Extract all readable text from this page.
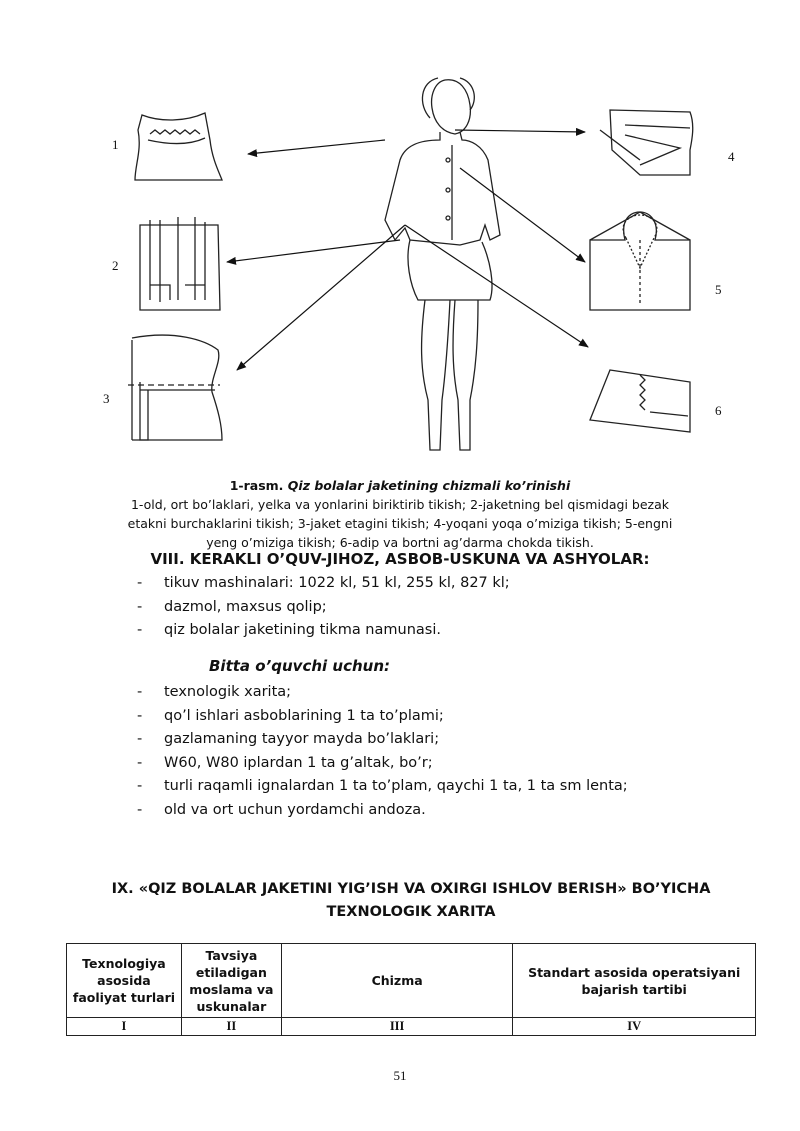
1
2
3
4
5
6
1-rasm. Qiz bolalar jaketining chizmali ko’rinishi
1-old, ort bo’laklari, yelka va yonlarini biriktirib tikish; 2-jaketning bel qismidagi bezak etakni burchaklarini tikish; 3-jaket etagini tikish; 4-yoqani yoqa o’miziga tikish; 5-engni yeng o’miziga tikish; 6-adip va bortni ag’darma chokda tikish.
VIII. KERAKLI O’QUV-JIHOZ, ASBOB-USKUNA VA ASHYOLAR:
- tikuv mashinalari: 1022 kl, 51 kl, 255 kl, 827 kl;
- dazmol, maxsus qolip;
- qiz bolalar jaketining tikma namunasi.
Bitta o’quvchi uchun:
- texnologik xarita;
- qo’l ishlari asboblarining 1 ta to’plami;
- gazlamaning tayyor mayda bo’laklari;
- W60, W80 iplardan 1 ta g’altak, bo’r;
- turli raqamli ignalardan 1 ta to’plam, qaychi 1 ta, 1 ta sm lenta;
- old va ort uchun yordamchi andoza.
IX. «QIZ BOLALAR JAKETINI YIG’ISH VA OXIRGI ISHLOV BERISH» BO’YICHA
TEXNOLOGIK XARITA
Texnologiya asosida faoliyat turlari	Tavsiya etiladigan moslama va uskunalar	Chizma	Standart asosida operatsiyani bajarish tartibi
I	II	III	IV
51
